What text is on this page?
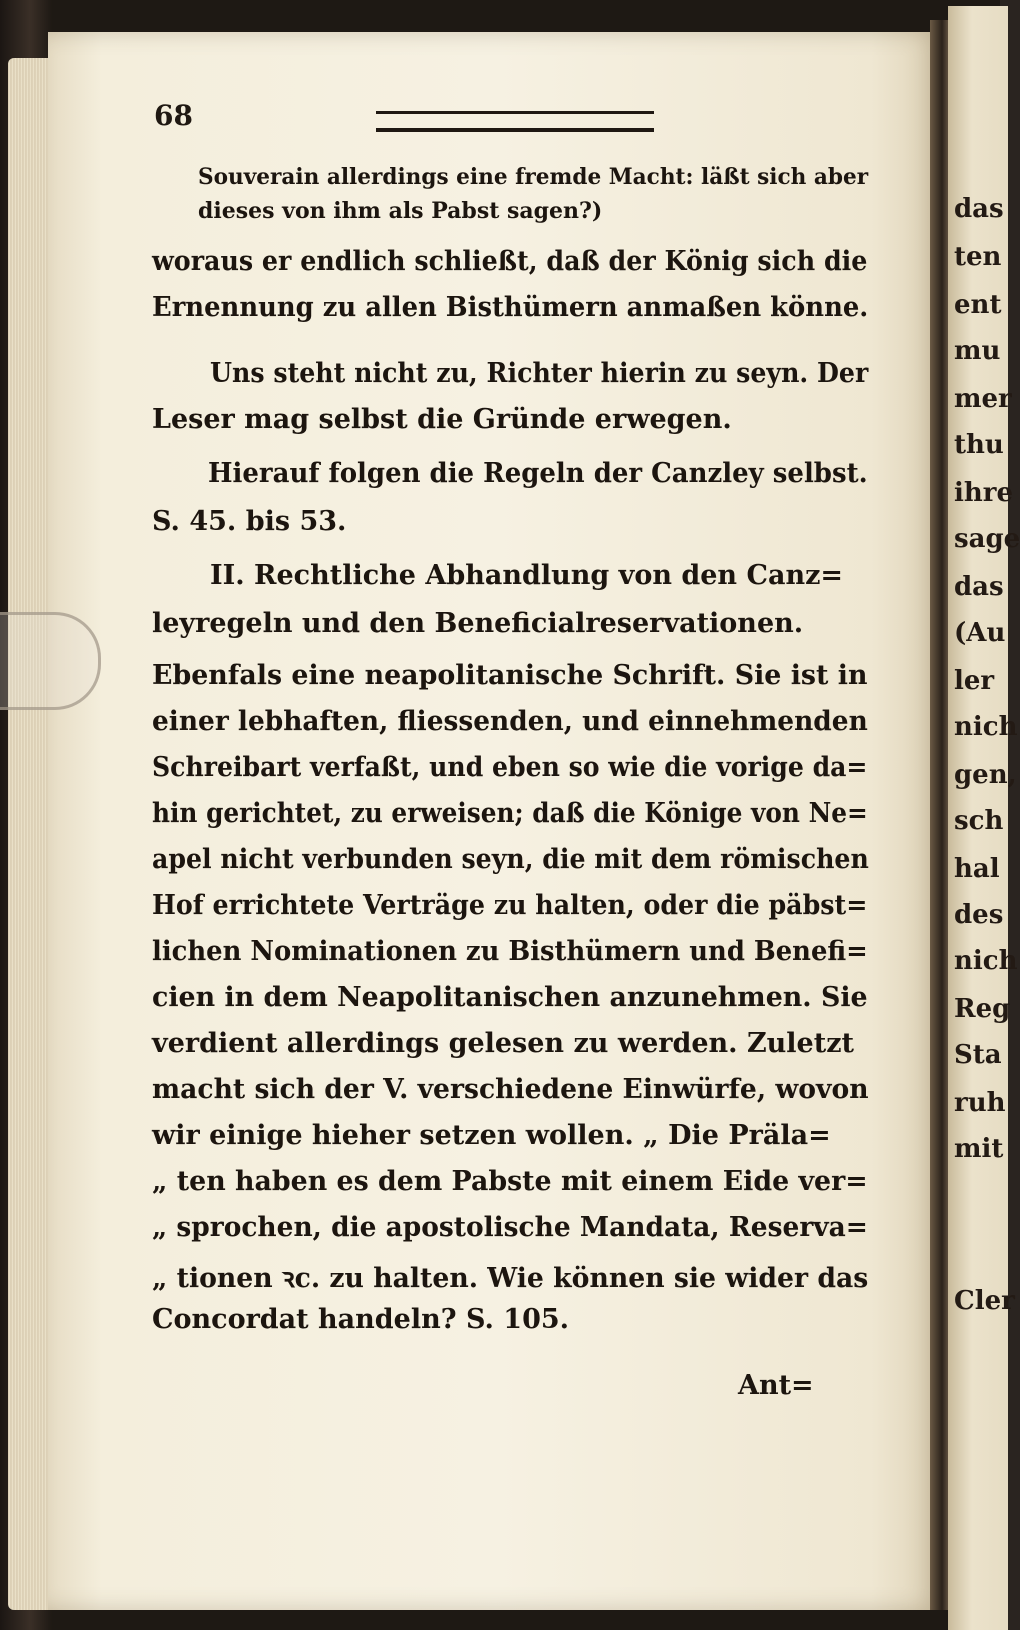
das
ten
ent
mu
mer
thu
ihre
sage
das
(Au
ler
nich
gen,
sch
hal
des
nich
Reg
Sta
ruh
mit
Cler
68
Souverain allerdings eine fremde Macht: läßt sich aber
dieses von ihm als Pabst sagen?)
woraus er endlich schließt, daß der König sich die
Ernennung zu allen Bisthümern anmaßen könne.
Uns steht nicht zu, Richter hierin zu seyn. Der
Leser mag selbst die Gründe erwegen.
Hierauf folgen die Regeln der Canzley selbst.
S. 45. bis 53.
II. Rechtliche Abhandlung von den Canz=
leyregeln und den Beneficialreservationen.
Ebenfals eine neapolitanische Schrift. Sie ist in
einer lebhaften, fliessenden, und einnehmenden
Schreibart verfaßt, und eben so wie die vorige da=
hin gerichtet, zu erweisen; daß die Könige von Ne=
apel nicht verbunden seyn, die mit dem römischen
Hof errichtete Verträge zu halten, oder die päbst=
lichen Nominationen zu Bisthümern und Benefi=
cien in dem Neapolitanischen anzunehmen. Sie
verdient allerdings gelesen zu werden. Zuletzt
macht sich der V. verschiedene Einwürfe, wovon
wir einige hieher setzen wollen. „ Die Präla=
„ ten haben es dem Pabste mit einem Eide ver=
„ sprochen, die apostolische Mandata, Reserva=
„ tionen ꝛc. zu halten. Wie können sie wider das
Concordat handeln? S. 105.
Ant=
